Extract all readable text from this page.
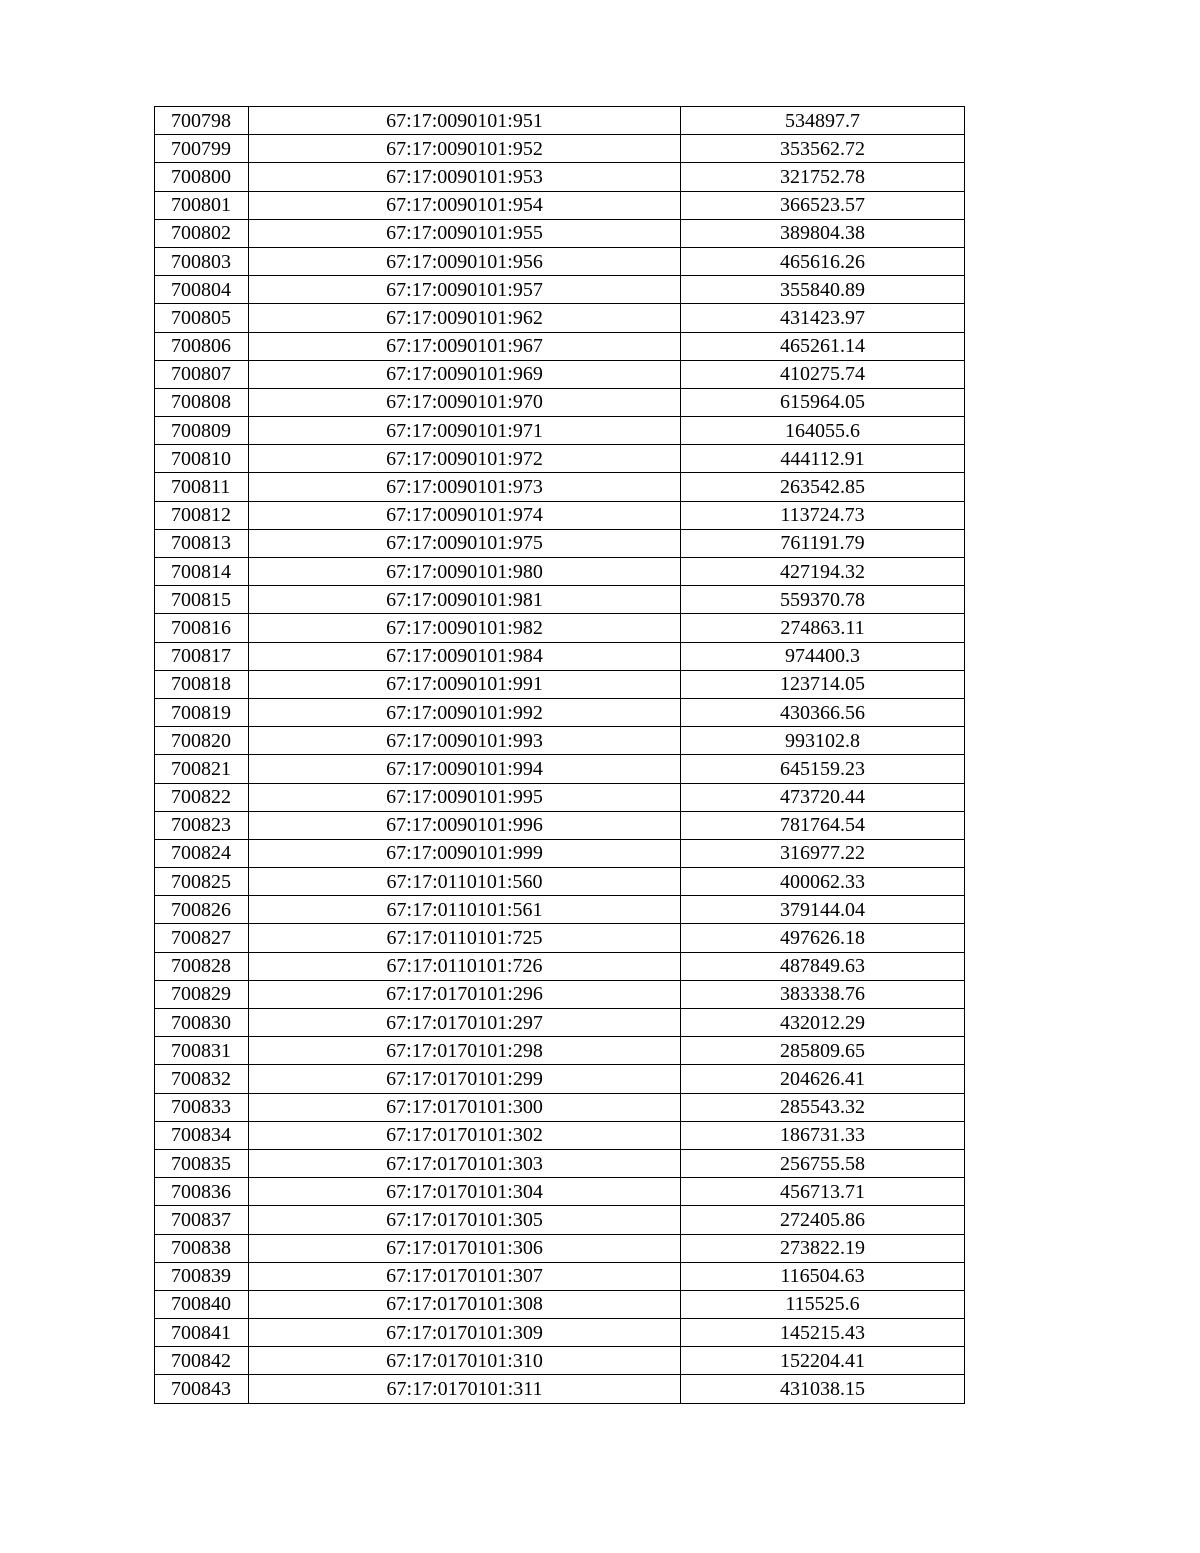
700798	67:17:0090101:951	534897.7
700799	67:17:0090101:952	353562.72
700800	67:17:0090101:953	321752.78
700801	67:17:0090101:954	366523.57
700802	67:17:0090101:955	389804.38
700803	67:17:0090101:956	465616.26
700804	67:17:0090101:957	355840.89
700805	67:17:0090101:962	431423.97
700806	67:17:0090101:967	465261.14
700807	67:17:0090101:969	410275.74
700808	67:17:0090101:970	615964.05
700809	67:17:0090101:971	164055.6
700810	67:17:0090101:972	444112.91
700811	67:17:0090101:973	263542.85
700812	67:17:0090101:974	113724.73
700813	67:17:0090101:975	761191.79
700814	67:17:0090101:980	427194.32
700815	67:17:0090101:981	559370.78
700816	67:17:0090101:982	274863.11
700817	67:17:0090101:984	974400.3
700818	67:17:0090101:991	123714.05
700819	67:17:0090101:992	430366.56
700820	67:17:0090101:993	993102.8
700821	67:17:0090101:994	645159.23
700822	67:17:0090101:995	473720.44
700823	67:17:0090101:996	781764.54
700824	67:17:0090101:999	316977.22
700825	67:17:0110101:560	400062.33
700826	67:17:0110101:561	379144.04
700827	67:17:0110101:725	497626.18
700828	67:17:0110101:726	487849.63
700829	67:17:0170101:296	383338.76
700830	67:17:0170101:297	432012.29
700831	67:17:0170101:298	285809.65
700832	67:17:0170101:299	204626.41
700833	67:17:0170101:300	285543.32
700834	67:17:0170101:302	186731.33
700835	67:17:0170101:303	256755.58
700836	67:17:0170101:304	456713.71
700837	67:17:0170101:305	272405.86
700838	67:17:0170101:306	273822.19
700839	67:17:0170101:307	116504.63
700840	67:17:0170101:308	115525.6
700841	67:17:0170101:309	145215.43
700842	67:17:0170101:310	152204.41
700843	67:17:0170101:311	431038.15
